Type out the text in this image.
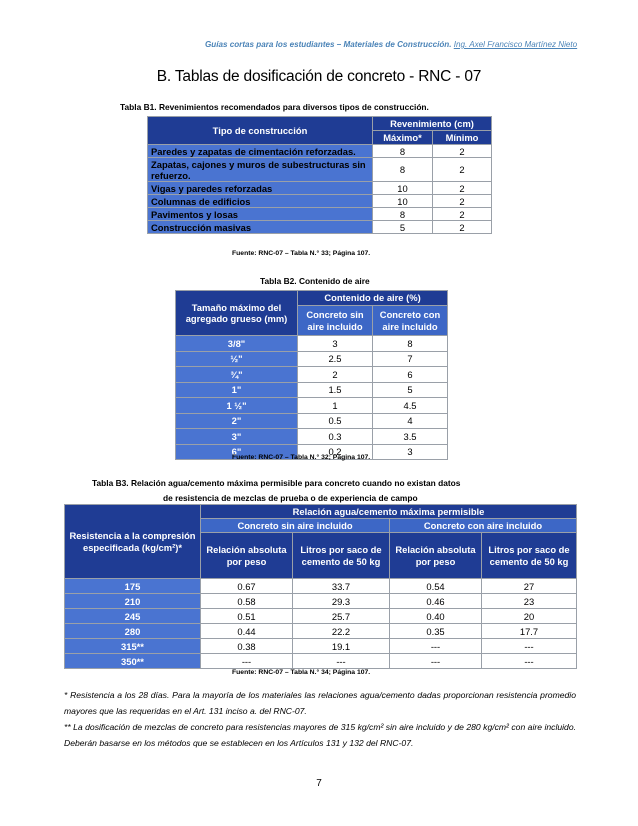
Guías cortas para los estudiantes – Materiales de Construcción. Ing. Axel Francisco Martínez Nieto
B. Tablas de dosificación de concreto - RNC - 07
Tabla B1. Revenimientos recomendados para diversos tipos de construcción.
Tipo de construcción	Revenimiento (cm)	
	Máximo*	Mínimo
Paredes y zapatas de cimentación reforzadas.	8	2
Zapatas, cajones y muros de subestructuras sin refuerzo.	8	2
Vigas y paredes reforzadas	10	2
Columnas de edificios	10	2
Pavimentos y losas	8	2
Construcción masivas	5	2
Fuente: RNC-07 – Tabla N.° 33; Página 107.
Tabla B2. Contenido de aire
Tamaño máximo del agregado grueso (mm)	Contenido de aire (%)	
	Concreto sin aire incluido	Concreto con aire incluido
3/8"	3	8
½"	2.5	7
¾"	2	6
1"	1.5	5
1 ½"	1	4.5
2"	0.5	4
3"	0.3	3.5
6"	0.2	3
Fuente: RNC-07 – Tabla N.° 32; Página 107.
Tabla B3. Relación agua/cemento máxima permisible para concreto cuando no existan datos
de resistencia de mezclas de prueba o de experiencia de campo
Resistencia a la compresión especificada (kg/cm²)*	Relación agua/cemento máxima permisible			
	Concreto sin aire incluido		Concreto con aire incluido	
	Relación absoluta por peso	Litros por saco de cemento de 50 kg	Relación absoluta por peso	Litros por saco de cemento de 50 kg
175	0.67	33.7	0.54	27
210	0.58	29.3	0.46	23
245	0.51	25.7	0.40	20
280	0.44	22.2	0.35	17.7
315**	0.38	19.1	---	---
350**	---	---	---	---
Fuente: RNC-07 – Tabla N.° 34; Página 107.
* Resistencia a los 28 días. Para la mayoría de los materiales las relaciones agua/cemento dadas proporcionan resistencia promedio mayores que las requeridas en el Art. 131 inciso a. del RNC-07.
** La dosificación de mezclas de concreto para resistencias mayores de 315 kg/cm² sin aire incluido y de 280 kg/cm² con aire incluido. Deberán basarse en los métodos que se establecen en los Artículos 131 y 132 del RNC-07.
7
